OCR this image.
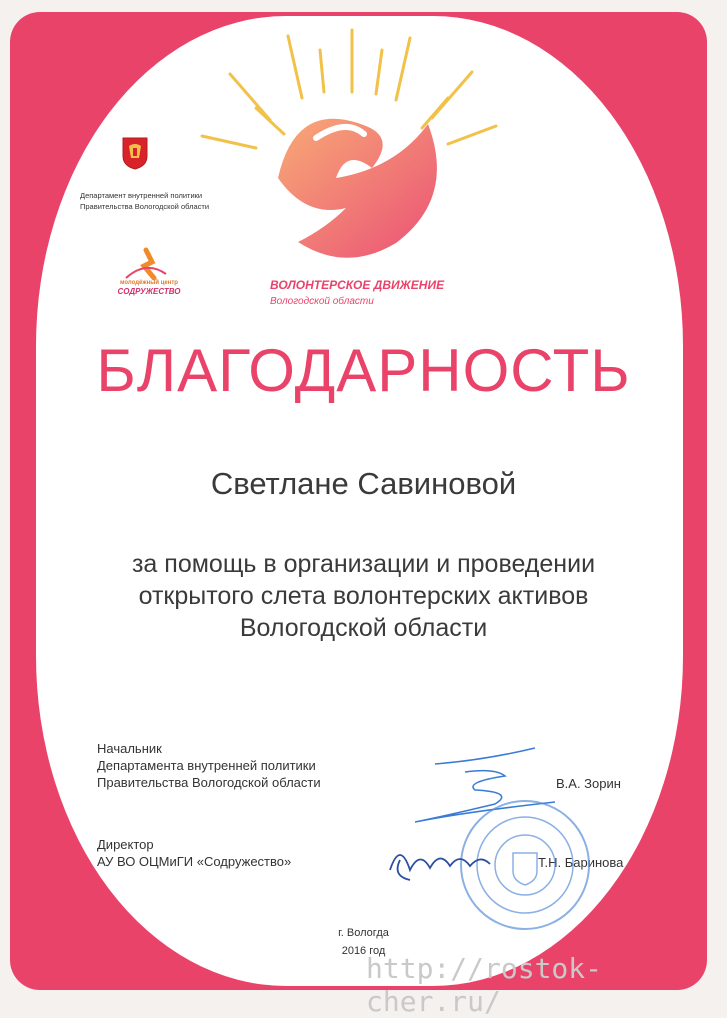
Департамент внутренней политики
Правительства Вологодской области
молодёжный центр
СОДРУЖЕСТВО	ВОЛОНТЕРСКОЕ ДВИЖЕНИЕ
Вологодской области
БЛАГОДАРНОСТЬ
Светлане Савиновой
за помощь в организации и проведении
открытого слета волонтерских активов
Вологодской области
Начальник
Департамента внутренней политики
Правительства Вологодской области	В.А. Зорин
Директор
АУ ВО ОЦМиГИ «Содружество»	Т.Н. Баринова
г. Вологда
2016 год
http://rostok-cher.ru/
